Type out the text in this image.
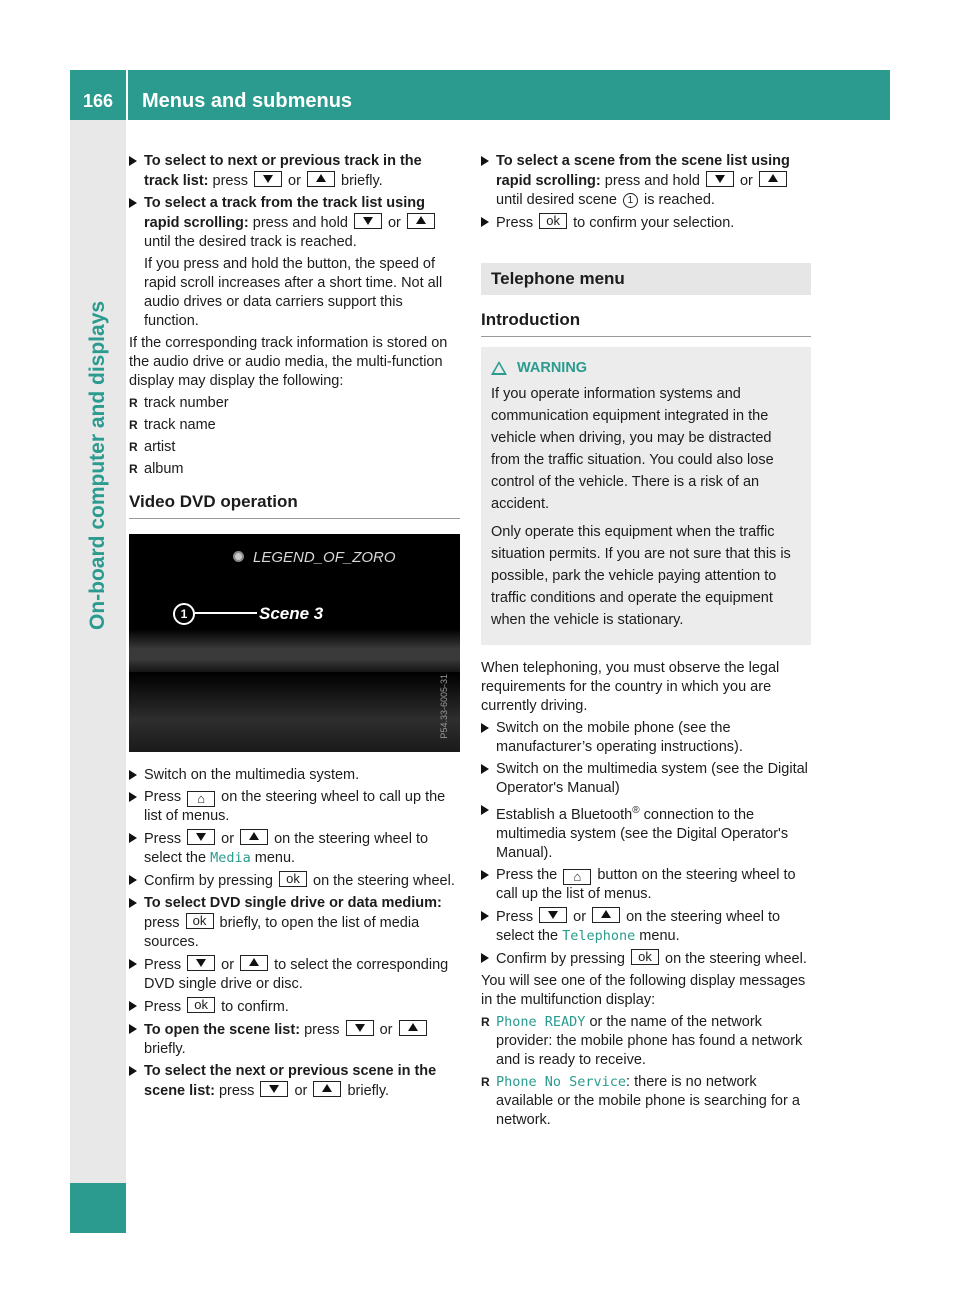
166	Menus and submenus
On-board computer and displays
To select to next or previous track in the track list: press	or	briefly.
To select a track from the track list using rapid scrolling: press and hold	or  until the desired track is reached.
If you press and hold the button, the speed of rapid scroll increases after a short time. Not all audio drives or data carriers support this function.
If the corresponding track information is stored on the audio drive or audio media, the multi-function display may display the following:
R track number
R track name
R artist
R album
Video DVD operation
LEGEND_OF_ZORO
1	Scene 3
P54.33-6005-31
Switch on the multimedia system.
Press ⌂ on the steering wheel to call up the list of menus.
Press	or	on the steering wheel to select the Media menu.
Confirm by pressing ok	on the steering wheel.
To select DVD single drive or data medium: press ok	briefly, to open the list of media sources.
Press	or	to select the corresponding DVD single drive or disc.
Press ok	to confirm.
To open the scene list: press	or  briefly.
To select the next or previous scene in the scene list: press	or	briefly.
To select a scene from the scene list using rapid scrolling: press and hold	or  until desired scene 1 is reached.
Press ok	to confirm your selection.
Telephone menu
Introduction
WARNING

If you operate information systems and communication equipment integrated in the vehicle when driving, you may be distracted from the traffic situation. You could also lose control of the vehicle. There is a risk of an accident.

Only operate this equipment when the traffic situation permits. If you are not sure that this is possible, park the vehicle paying attention to traffic conditions and operate the equipment when the vehicle is stationary.

When telephoning, you must observe the legal requirements for the country in which you are currently driving.
Switch on the mobile phone (see the manufacturer’s operating instructions).
Switch on the multimedia system (see the Digital Operator's Manual)
Establish a Bluetooth® connection to the multimedia system (see the Digital Operator's Manual).
Press the ⌂ button on the steering wheel to call up the list of menus.
Press	or	on the steering wheel to select the Telephone menu.
Confirm by pressing ok	on the steering wheel.
You will see one of the following display messages in the multifunction display:
R Phone READY or the name of the network provider: the mobile phone has found a network and is ready to receive.
R Phone No Service: there is no network available or the mobile phone is searching for a network.
